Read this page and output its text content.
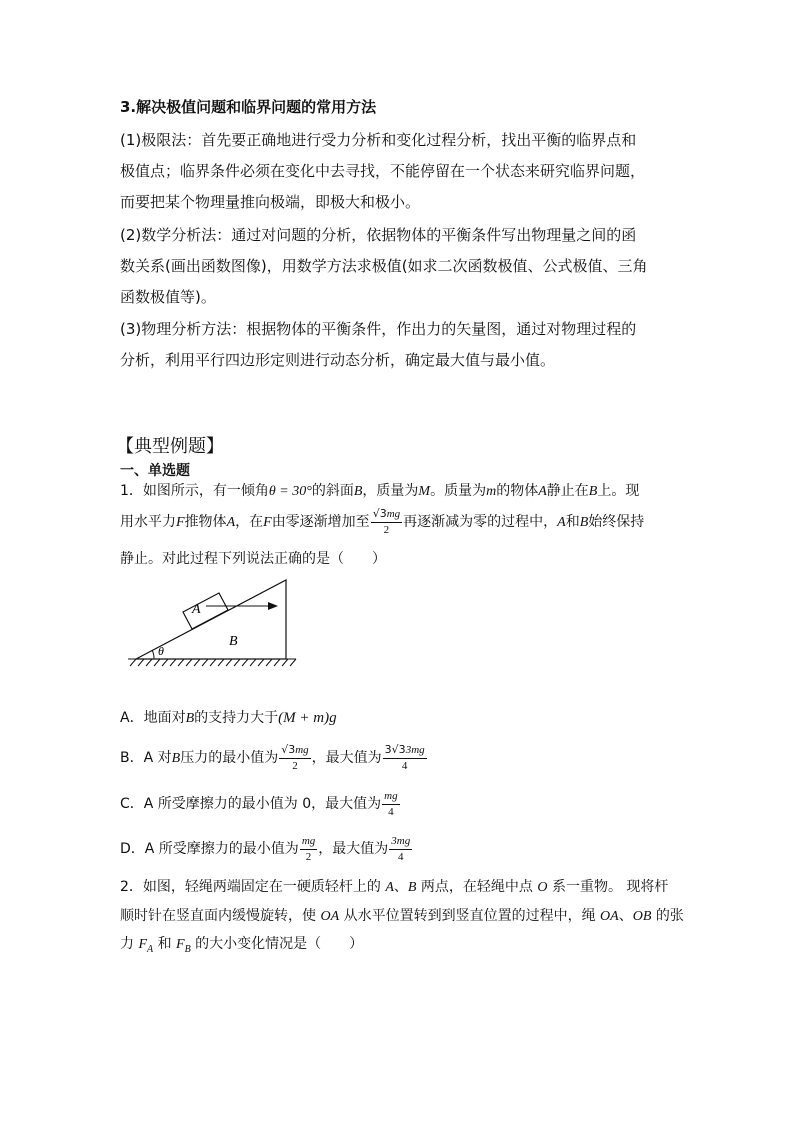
3.解决极值问题和临界问题的常用方法
(1)极限法：首先要正确地进行受力分析和变化过程分析，找出平衡的临界点和
极值点；临界条件必须在变化中去寻找，不能停留在一个状态来研究临界问题，
而要把某个物理量推向极端，即极大和极小。
(2)数学分析法：通过对问题的分析，依据物体的平衡条件写出物理量之间的函
数关系(画出函数图像)，用数学方法求极值(如求二次函数极值、公式极值、三角
函数极值等)。
(3)物理分析方法：根据物体的平衡条件，作出力的矢量图，通过对物理过程的
分析，利用平行四边形定则进行动态分析，确定最大值与最小值。
【典型例题】
一、单选题
1．如图所示，有一倾角θ = 30°的斜面B，质量为M。质量为m的物体A静止在B上。现
用水平力F推物体A，在F由零逐渐增加至 $\frac{√3mg}{2}$ 再逐渐减为零的过程中，A和B始终保持
静止。对此过程下列说法正确的是（　　）
A
B
θ
A．地面对B的支持力大于(M + m)g
B．A 对B压力的最小值为 $\frac{√3mg}{2}$ ，最大值为 $\frac{3√33mg}{4}$
C．A 所受摩擦力的最小值为 0，最大值为 $\frac{mg}{4}$
D．A 所受摩擦力的最小值为 $\frac{mg}{2}$ ，最大值为 $\frac{3mg}{4}$
2．如图，轻绳两端固定在一硬质轻杆上的 A、B 两点，在轻绳中点 O 系一重物。 现将杆
顺时针在竖直面内缓慢旋转，使 OA 从水平位置转到到竖直位置的过程中，绳 OA、OB 的张
力 $F_A$ 和 $F_B$ 的大小变化情况是（　　）
